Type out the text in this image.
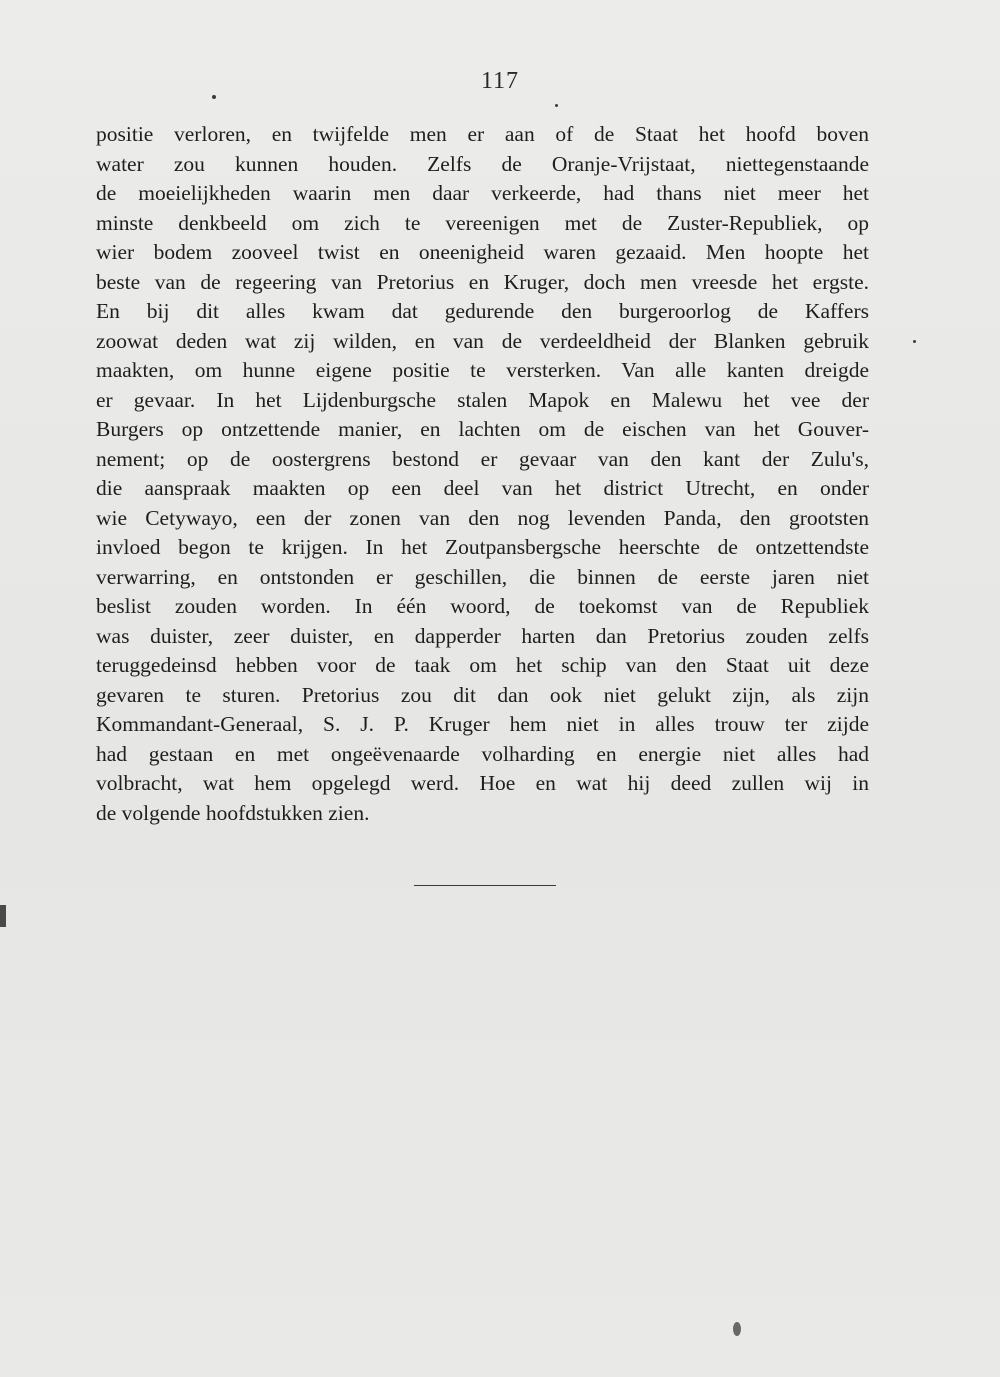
117
positie verloren, en twijfelde men er aan of de Staat het hoofd boven
water zou kunnen houden. Zelfs de Oranje-Vrijstaat, niettegenstaande
de moeielijkheden waarin men daar verkeerde, had thans niet meer het
minste denkbeeld om zich te vereenigen met de Zuster-Republiek, op
wier bodem zooveel twist en oneenigheid waren gezaaid. Men hoopte het
beste van de regeering van Pretorius en Kruger, doch men vreesde het ergste.
En bij dit alles kwam dat gedurende den burgeroorlog de Kaffers
zoowat deden wat zij wilden, en van de verdeeldheid der Blanken gebruik
maakten, om hunne eigene positie te versterken. Van alle kanten dreigde
er gevaar. In het Lijdenburgsche stalen Mapok en Malewu het vee der
Burgers op ontzettende manier, en lachten om de eischen van het Gouver-
nement; op de oostergrens bestond er gevaar van den kant der Zulu's,
die aanspraak maakten op een deel van het district Utrecht, en onder
wie Cetywayo, een der zonen van den nog levenden Panda, den grootsten
invloed begon te krijgen. In het Zoutpansbergsche heerschte de ontzettendste
verwarring, en ontstonden er geschillen, die binnen de eerste jaren niet
beslist zouden worden. In één woord, de toekomst van de Republiek
was duister, zeer duister, en dapperder harten dan Pretorius zouden zelfs
teruggedeinsd hebben voor de taak om het schip van den Staat uit deze
gevaren te sturen. Pretorius zou dit dan ook niet gelukt zijn, als zijn
Kommandant-Generaal, S. J. P. Kruger hem niet in alles trouw ter zijde
had gestaan en met ongeëvenaarde volharding en energie niet alles had
volbracht, wat hem opgelegd werd. Hoe en wat hij deed zullen wij in
de volgende hoofdstukken zien.
